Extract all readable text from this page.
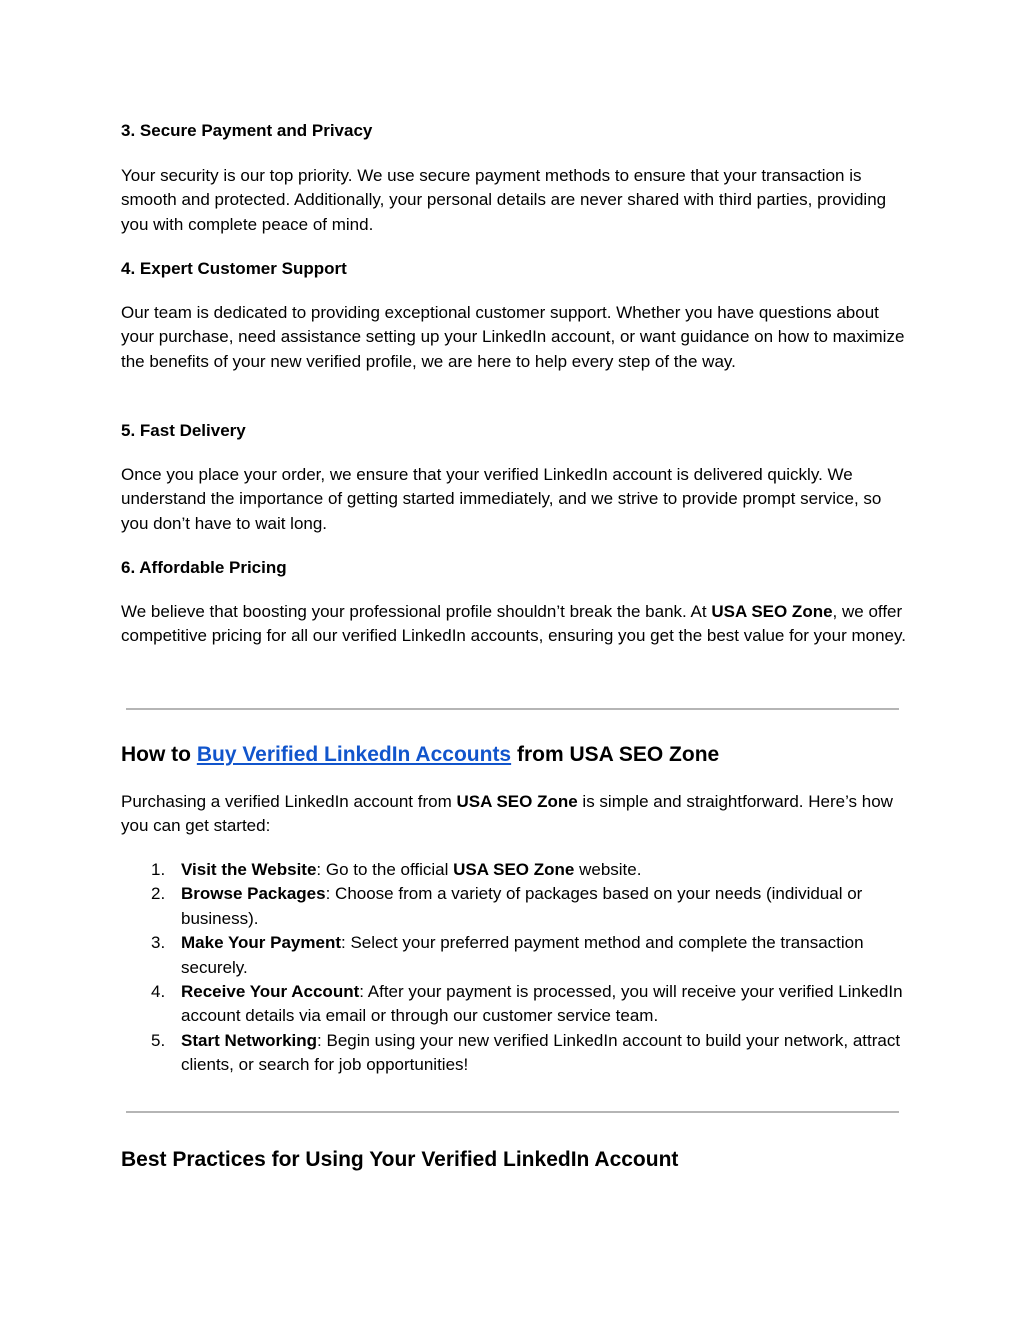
3. Secure Payment and Privacy

Your security is our top priority. We use secure payment methods to ensure that your transaction is smooth and protected. Additionally, your personal details are never shared with third parties, providing you with complete peace of mind.

4. Expert Customer Support

Our team is dedicated to providing exceptional customer support. Whether you have questions about your purchase, need assistance setting up your LinkedIn account, or want guidance on how to maximize the benefits of your new verified profile, we are here to help every step of the way.

5. Fast Delivery

Once you place your order, we ensure that your verified LinkedIn account is delivered quickly. We understand the importance of getting started immediately, and we strive to provide prompt service, so you don’t have to wait long.

6. Affordable Pricing

We believe that boosting your professional profile shouldn’t break the bank. At USA SEO Zone, we offer competitive pricing for all our verified LinkedIn accounts, ensuring you get the best value for your money.

How to Buy Verified LinkedIn Accounts from USA SEO Zone

Purchasing a verified LinkedIn account from USA SEO Zone is simple and straightforward. Here’s how you can get started:

1. Visit the Website: Go to the official USA SEO Zone website.
2. Browse Packages: Choose from a variety of packages based on your needs (individual or business).
3. Make Your Payment: Select your preferred payment method and complete the transaction securely.
4. Receive Your Account: After your payment is processed, you will receive your verified LinkedIn account details via email or through our customer service team.
5. Start Networking: Begin using your new verified LinkedIn account to build your network, attract clients, or search for job opportunities!
Best Practices for Using Your Verified LinkedIn Account
